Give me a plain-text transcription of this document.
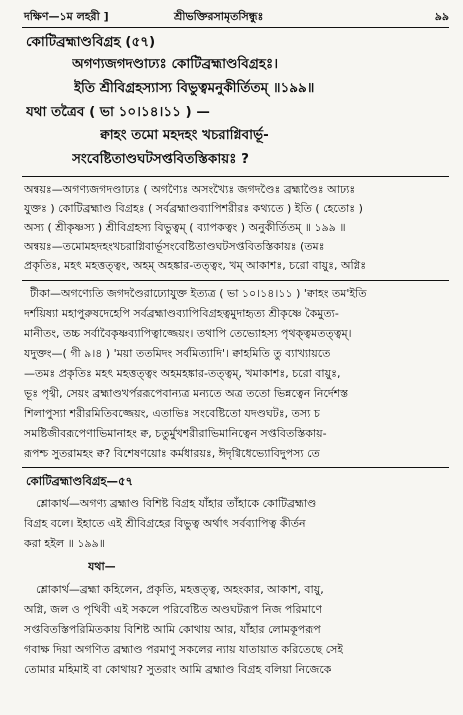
দক্ষিণ—১ম লহরী ]	শ্রীভক্তিরসামৃতসিন্ধুঃ	৯৯
কোটিব্রহ্মাণ্ডবিগ্রহ (৫৭)
অগণ্যজগদণ্ডাঢ্যঃ কোটিব্রহ্মাণ্ডবিগ্রহঃ।
ইতি শ্রীবিগ্রহস্যাস্য বিভুত্বমনুকীর্তিতম্ ॥১৯৯॥
যথা তত্রৈব ( ভা ১০।১৪।১১ ) —
ক্বাহং তমো মহদহং খচরাগ্নিবার্ভূ-
সংবেষ্টিতাণ্ডঘটসপ্তবিতস্তিকায়ঃ ?
অন্বয়ঃ—অগণ্যজগদণ্ডাঢ্যঃ ( অগণ্যৈঃ অসংখ্যৈঃ জগদণ্ডৈঃ ব্রহ্মাণ্ডৈঃ আঢ্যঃ
যুক্তঃ ) কোটিব্রহ্মাণ্ড বিগ্রহঃ ( সর্বব্রহ্মাণ্ডব্যাপিশরীরঃ কথ্যতে ) ইতি ( হেতোঃ )
অস্য ( শ্রীকৃষ্ণস্য ) শ্রীবিগ্রহস্য বিভুত্বম্ ( ব্যাপকত্বং ) অনুকীর্তিতম্ ॥ ১৯৯ ॥
অন্বয়ঃ—তমোমহদহংখচরাগ্নিবার্ভূসংবেষ্টিতাণ্ডঘটসপ্তবিতস্তিকায়ঃ (তমঃ
প্রকৃতিঃ, মহৎ মহত্তত্ত্বং, অহম্ অহঙ্কার-তত্ত্বং, খম্ আকাশঃ, চরো বায়ুঃ, অগ্নিঃ
টীকা—অগণ্যেতি জগদণ্ডৈরাঢ্যোযুক্ত ইত্যত্র ( ভা ১০।১৪।১১ ) 'ক্বাহং তম'ইতি
দর্শয়িষ্যা মহাপুরুষদেহেপি সর্বব্রহ্মাণ্ডব্যাপিবিগ্রহত্বমুদাহৃত্য শ্রীকৃষ্ণে কৈমুত্য-
মানীতং, তচ্চ সর্বাবৈকৃষ্ণব্যাপিত্বাজ্জেয়ং। তথাপি তেভ্যোহস্য পৃথক্ত্বমতত্ত্বম্।
যদুক্তং—( গী ৯।৪ ) 'ময়া ততমিদং সর্বমিত্যাদি'। ক্বাহমিতি তু ব্যাখ্যায়তে
—তমঃ প্রকৃতিঃ মহৎ মহত্তত্ত্বং অহমহঙ্কার-তত্ত্বম্, খমাকাশঃ, চরো বায়ুঃ,
ভূঃ পৃথ্বী, সেয়ং ব্রহ্মাণ্ডখর্পররূপেবান্যত্র মন্যতে অত্র ততো ভিন্নত্বেন নির্দেশস্ত
শিলাপুস্যা শরীরমিতিবজ্জেয়ং, এতাভিঃ সংবেষ্টিতো যদণ্ডঘটঃ, তস্য চ
সমষ্টিজীবরূপেণাভিমানাহং ক্ব, চতুর্মুখশরীরাভিমানিত্বেন সপ্তবিতস্তিকায়-
রূপশ্চ সুতরামহং ক্ব? বিশেষণয়োঃ কর্মধারয়ঃ, ঈদৃগ্বিধেভ্যোবিদুপস্য তে
কোটিব্রহ্মাণ্ডবিগ্রহ—৫৭
শ্লোকার্থ—অগণ্য ব্রহ্মাণ্ড বিশিষ্ট বিগ্রহ যাঁহার তাঁহাকে কোটিব্রহ্মাণ্ড
বিগ্রহ বলে। ইহাতে এই শ্রীবিগ্রহের বিভুত্ব অর্থাৎ সর্বব্যাপিত্ব কীর্তন
করা হইল ॥ ১৯৯॥
যথা—
শ্লোকার্থ—ব্রহ্মা কহিলেন, প্রকৃতি, মহত্তত্ত্ব, অহংকার, আকাশ, বায়ু,
অগ্নি, জল ও পৃথিবী এই সকলে পরিবেষ্টিত অণ্ডঘটরূপ নিজ পরিমাণে
সপ্তবিতস্তিপরিমিতকায় বিশিষ্ট আমি কোথায় আর, যাঁহার লোমকূপরূপ
গবাক্ষ দিয়া অগণিত ব্রহ্মাণ্ড পরমাণু সকলের ন্যায় যাতায়াত করিতেছে সেই
তোমার মহিমাই বা কোথায়? সুতরাং আমি ব্রহ্মাণ্ড বিগ্রহ বলিয়া নিজেকে
